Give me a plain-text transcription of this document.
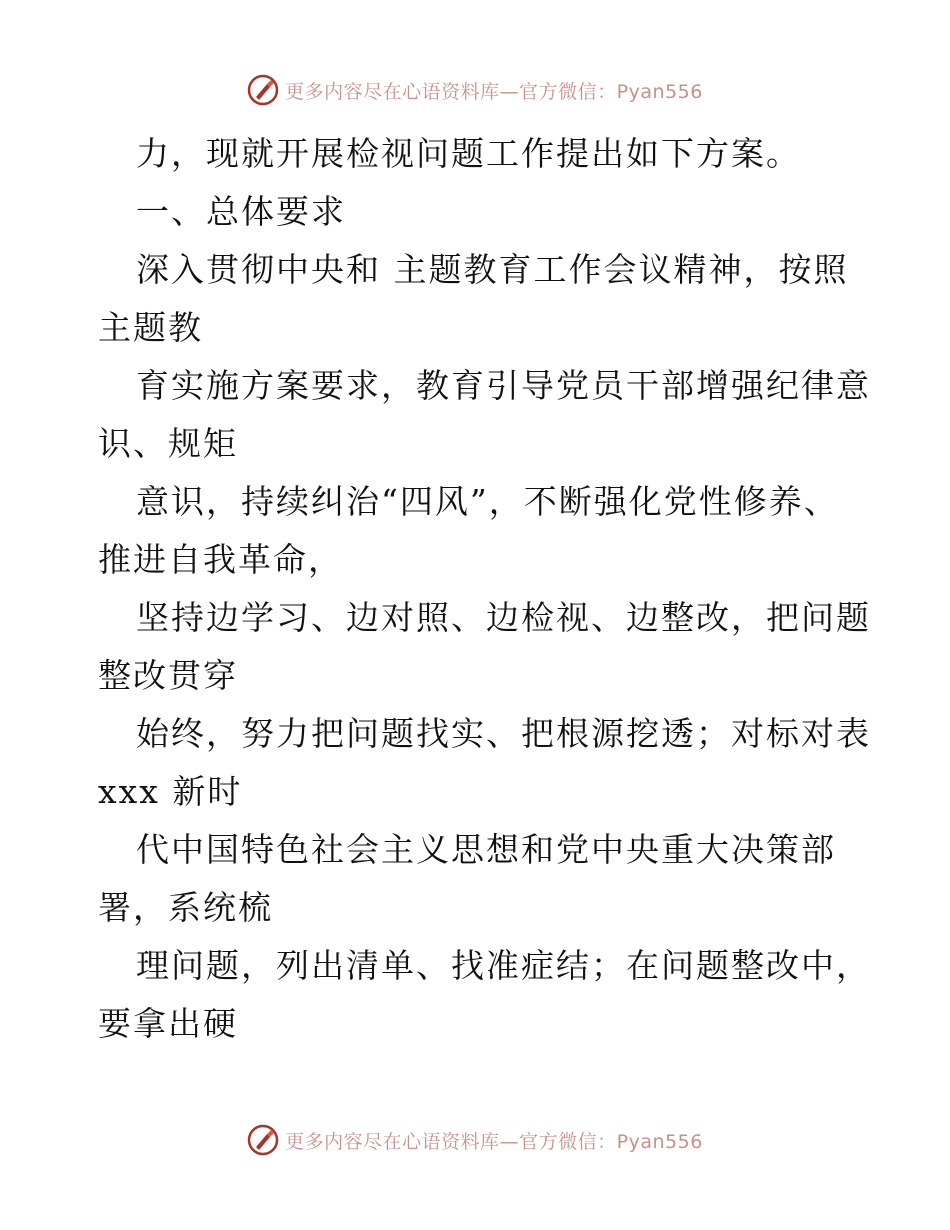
更多内容尽在心语资料库—官方微信：Pyan556

力，现就开展检视问题工作提出如下方案。

一、总体要求

深入贯彻中央和 主题教育工作会议精神，按照

主题教

育实施方案要求，教育引导党员干部增强纪律意

识、规矩

意识，持续纠治“四风”，不断强化党性修养、

推进自我革命，

坚持边学习、边对照、边检视、边整改，把问题

整改贯穿

始终，努力把问题找实、把根源挖透；对标对表

xxx 新时

代中国特色社会主义思想和党中央重大决策部

署，系统梳

理问题，列出清单、找准症结；在问题整改中，

要拿出硬

更多内容尽在心语资料库—官方微信：Pyan556
